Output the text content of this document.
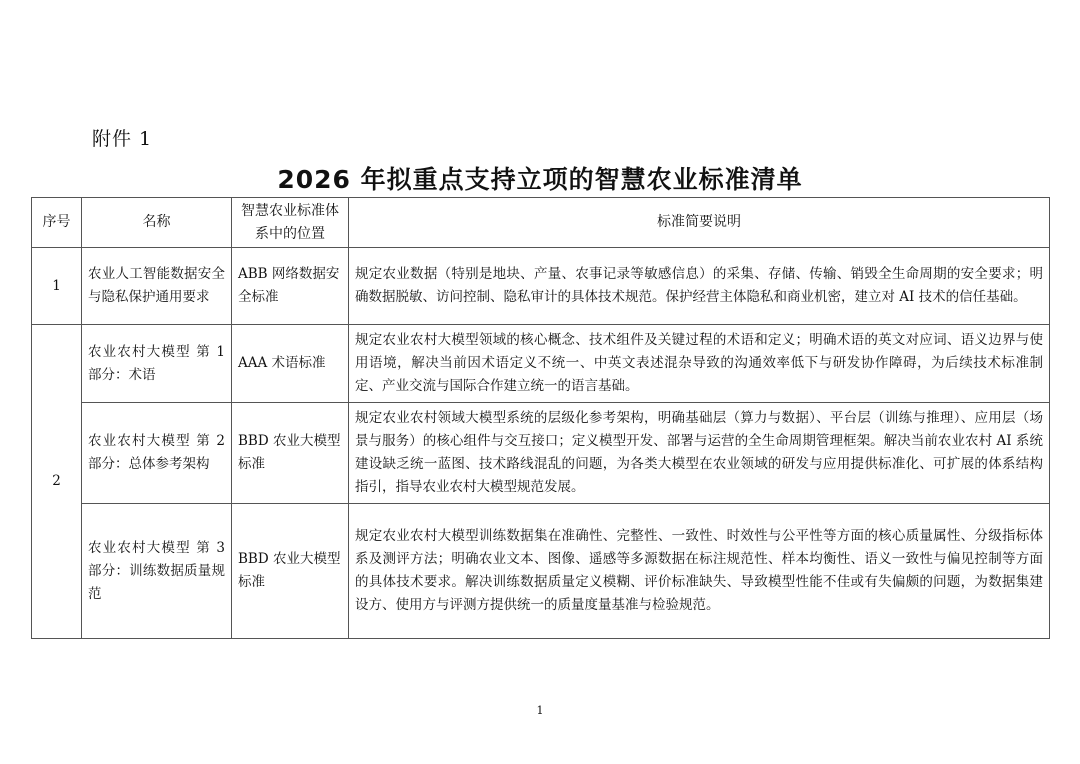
附件 1
2026 年拟重点支持立项的智慧农业标准清单
序号	名称	智慧农业标准体系中的位置	标准简要说明
1	农业人工智能数据安全与隐私保护通用要求	ABB 网络数据安全标准	规定农业数据（特别是地块、产量、农事记录等敏感信息）的采集、存储、传输、销毁全生命周期的安全要求；明确数据脱敏、访问控制、隐私审计的具体技术规范。保护经营主体隐私和商业机密，建立对 AI 技术的信任基础。
2	农业农村大模型 第 1 部分：术语	AAA 术语标准	规定农业农村大模型领域的核心概念、技术组件及关键过程的术语和定义；明确术语的英文对应词、语义边界与使用语境，解决当前因术语定义不统一、中英文表述混杂导致的沟通效率低下与研发协作障碍，为后续技术标准制定、产业交流与国际合作建立统一的语言基础。
	农业农村大模型 第 2 部分：总体参考架构	BBD 农业大模型标准	规定农业农村领域大模型系统的层级化参考架构，明确基础层（算力与数据）、平台层（训练与推理）、应用层（场景与服务）的核心组件与交互接口；定义模型开发、部署与运营的全生命周期管理框架。解决当前农业农村 AI 系统建设缺乏统一蓝图、技术路线混乱的问题，为各类大模型在农业领域的研发与应用提供标准化、可扩展的体系结构指引，指导农业农村大模型规范发展。
	农业农村大模型 第 3 部分：训练数据质量规范	BBD 农业大模型标准	规定农业农村大模型训练数据集在准确性、完整性、一致性、时效性与公平性等方面的核心质量属性、分级指标体系及测评方法；明确农业文本、图像、遥感等多源数据在标注规范性、样本均衡性、语义一致性与偏见控制等方面的具体技术要求。解决训练数据质量定义模糊、评价标准缺失、导致模型性能不佳或有失偏颇的问题，为数据集建设方、使用方与评测方提供统一的质量度量基准与检验规范。
1
